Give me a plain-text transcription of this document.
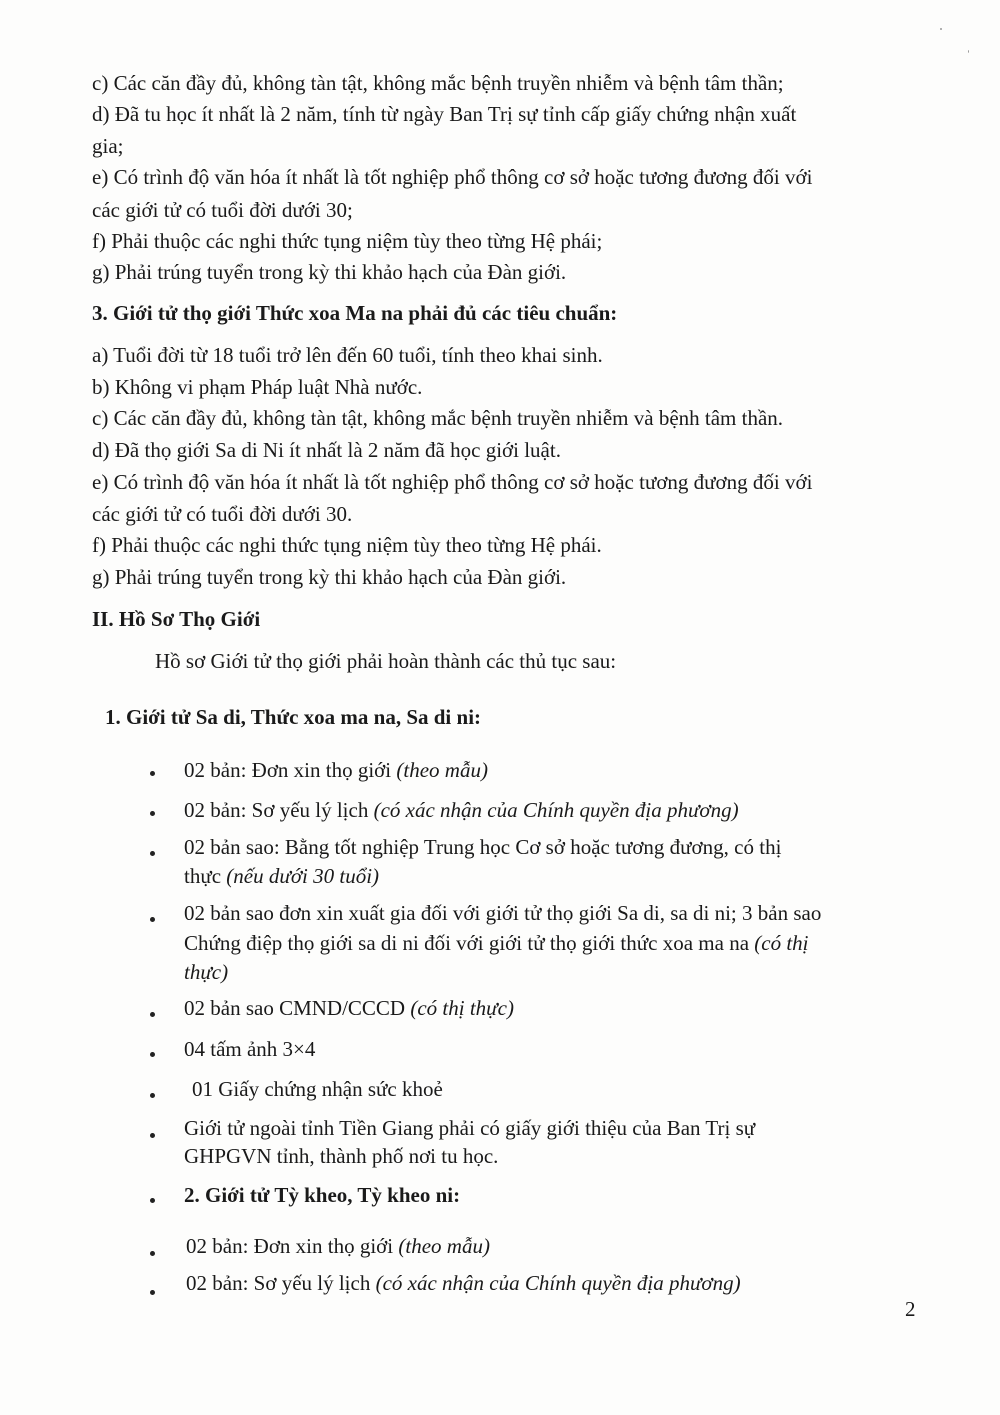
c) Các căn đầy đủ, không tàn tật, không mắc bệnh truyền nhiễm và bệnh tâm thần;
d) Đã tu học ít nhất là 2 năm, tính từ ngày Ban Trị sự tỉnh cấp giấy chứng nhận xuất
gia;
e) Có trình độ văn hóa ít nhất là tốt nghiệp phổ thông cơ sở hoặc tương đương đối với
các giới tử có tuổi đời dưới 30;
f) Phải thuộc các nghi thức tụng niệm tùy theo từng Hệ phái;
g) Phải trúng tuyển trong kỳ thi khảo hạch của Đàn giới.
3. Giới tử thọ giới Thức xoa Ma na phải đủ các tiêu chuẩn:
a) Tuổi đời từ 18 tuổi trở lên đến 60 tuổi, tính theo khai sinh.
b) Không vi phạm Pháp luật Nhà nước.
c) Các căn đầy đủ, không tàn tật, không mắc bệnh truyền nhiễm và bệnh tâm thần.
d) Đã thọ giới Sa di Ni ít nhất là 2 năm đã học giới luật.
e) Có trình độ văn hóa ít nhất là tốt nghiệp phổ thông cơ sở hoặc tương đương đối với
các giới tử có tuổi đời dưới 30.
f) Phải thuộc các nghi thức tụng niệm tùy theo từng Hệ phái.
g) Phải trúng tuyển trong kỳ thi khảo hạch của Đàn giới.
II. Hồ Sơ Thọ Giới
Hồ sơ Giới tử thọ giới phải hoàn thành các thủ tục sau:
1. Giới tử Sa di, Thức xoa ma na, Sa di ni:
02 bản: Đơn xin thọ giới (theo mẫu)
02 bản: Sơ yếu lý lịch (có xác nhận của Chính quyền địa phương)
02 bản sao: Bằng tốt nghiệp Trung học Cơ sở hoặc tương đương, có thị
thực (nếu dưới 30 tuổi)
02 bản sao đơn xin xuất gia đối với giới tử thọ giới Sa di, sa di ni; 3 bản sao
Chứng điệp thọ giới sa di ni đối với giới tử thọ giới thức xoa ma na (có thị
thực)
02 bản sao CMND/CCCD (có thị thực)
04 tấm ảnh 3×4
01 Giấy chứng nhận sức khoẻ
Giới tử ngoài tỉnh Tiền Giang phải có giấy giới thiệu của Ban Trị sự
GHPGVN tỉnh, thành phố nơi tu học.
2. Giới tử Tỳ kheo, Tỳ kheo ni:
02 bản: Đơn xin thọ giới (theo mẫu)
02 bản: Sơ yếu lý lịch (có xác nhận của Chính quyền địa phương)
2
